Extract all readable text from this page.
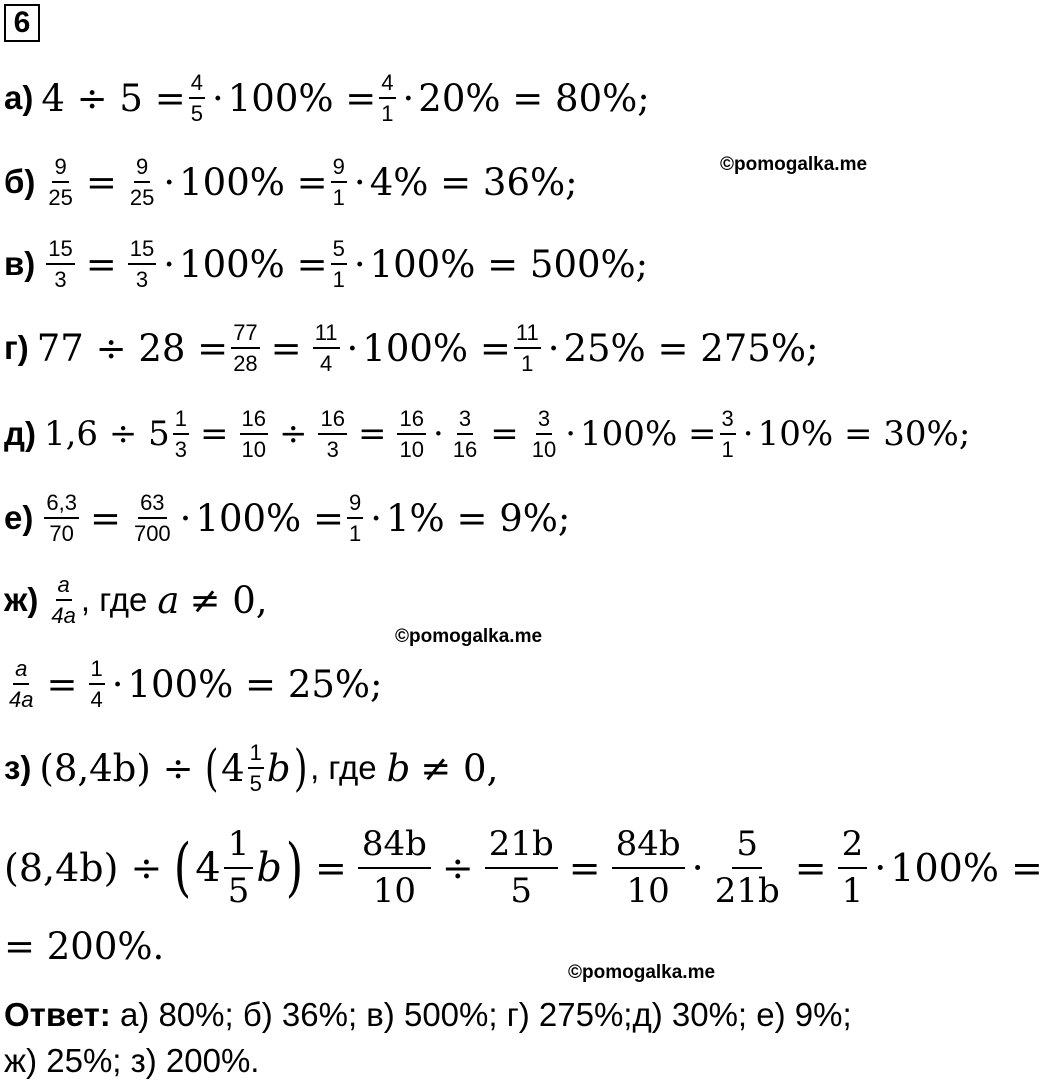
6
а) $4 \div 5 = \frac{4}{5} \cdot 100\% = \frac{4}{1} \cdot 20\% = 80\%$;
©pomogalka.me
$б) \frac{9}{25} = \frac{9}{25} \cdot 100\% = \frac{9}{1} \cdot 4\% = 36\%$;
$в) \frac{15}{3} = \frac{15}{3} \cdot 100\% = \frac{5}{1} \cdot 100\% = 500\%$;
г) $77 \div 28 = \frac{77}{28} = \frac{11}{4} \cdot 100\% = \frac{11}{1} \cdot 25\% = 275\%$;
д) $1,6 \div 5 \frac{1}{3} = \frac{16}{10} \div \frac{16}{3} = \frac{16}{10} \cdot \frac{3}{16} = \frac{3}{10} \cdot 100\% = \frac{3}{1} \cdot 10\% = 30\%$;
$е) \frac{6,3}{70} = \frac{63}{700} \cdot 100\% = \frac{9}{1} \cdot 1\% = 9\%$;
$ж) \frac{a}{4a}$ , где a ≠ 0,
©pomogalka.me
$\frac{a}{4a} = \frac{1}{4} \cdot 100\% = 25\%$;
з) (8,4b) ÷ ( $4 \frac{1}{5}$ b ) , где b ≠ 0,
(8,4b) ÷ ( $4 \frac{1}{5}$ b ) = $\frac{84b}{10} \div \frac{21b}{5} = \frac{84b}{10} \cdot \frac{5}{21b} = \frac{2}{1} \cdot 100\%$ =
= 200%.
©pomogalka.me
Ответ: а) 80%; б) 36%; в) 500%; г) 275%;д) 30%; е) 9%;
ж) 25%; з) 200%.
